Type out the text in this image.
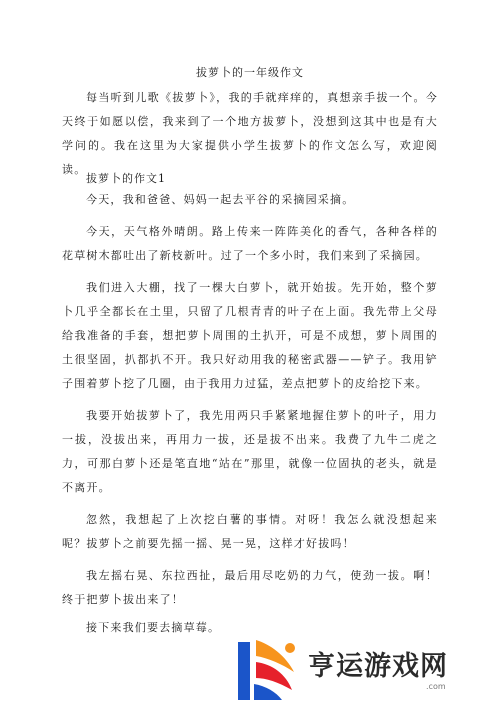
拔萝卜的一年级作文

每当听到儿歌《拔萝卜》，我的手就痒痒的，真想亲手拔一个。今天终于如愿以偿，我来到了一个地方拔萝卜，没想到这其中也是有大学问的。我在这里为大家提供小学生拔萝卜的作文怎么写，欢迎阅读。

拔萝卜的作文1

今天，我和爸爸、妈妈一起去平谷的采摘园采摘。

今天，天气格外晴朗。路上传来一阵阵美化的香气，各种各样的花草树木都吐出了新枝新叶。过了一个多小时，我们来到了采摘园。

我们进入大棚，找了一棵大白萝卜，就开始拔。先开始，整个萝卜几乎全都长在土里，只留了几根青青的叶子在上面。我先带上父母给我准备的手套，想把萝卜周围的土扒开，可是不成想，萝卜周围的土很坚固，扒都扒不开。我只好动用我的秘密武器——铲子。我用铲子围着萝卜挖了几圈，由于我用力过猛，差点把萝卜的皮给挖下来。

我要开始拔萝卜了，我先用两只手紧紧地握住萝卜的叶子，用力一拔，没拔出来，再用力一拔，还是拔不出来。我费了九牛二虎之力，可那白萝卜还是笔直地“站在”那里，就像一位固执的老头，就是不离开。

忽然，我想起了上次挖白薯的事情。对呀！我怎么就没想起来呢？拔萝卜之前要先摇一摇、晃一晃，这样才好拔吗！

我左摇右晃、东拉西扯，最后用尽吃奶的力气，使劲一拔。啊！终于把萝卜拔出来了！

接下来我们要去摘草莓。

亨运游戏网
.com
